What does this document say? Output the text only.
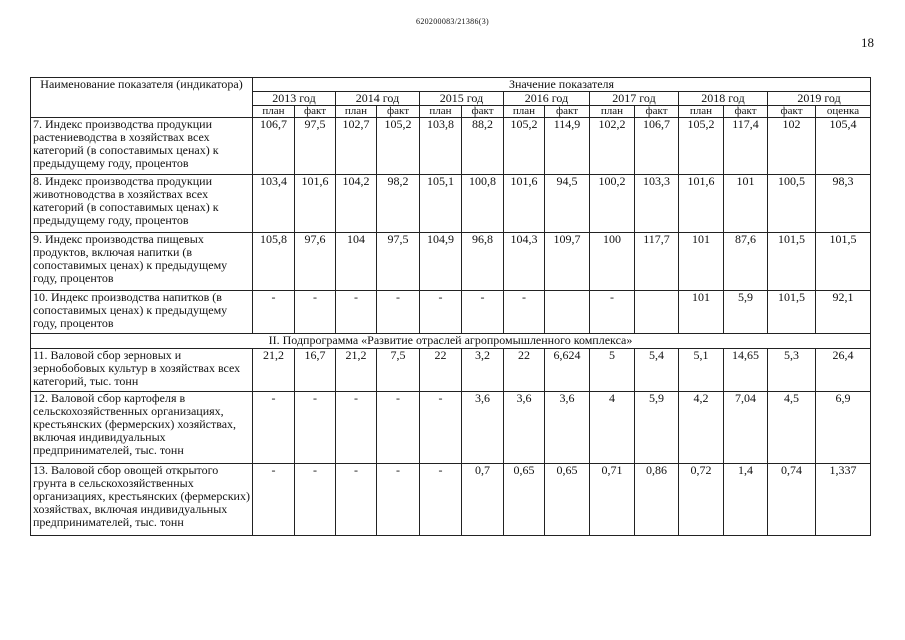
620200083/21386(3)
18
Наименование показателя (индикатора)	Значение показателя													
	2013 год		2014 год		2015 год		2016 год		2017 год		2018 год		2019 год	
	план	факт	план	факт	план	факт	план	факт	план	факт	план	факт	факт	оценка
7. Индекс производства продукции растениеводства в хозяйствах всех категорий (в сопоставимых ценах) к предыдущему году, процентов	106,7	97,5	102,7	105,2	103,8	88,2	105,2	114,9	102,2	106,7	105,2	117,4	102	105,4
8. Индекс производства продукции животноводства в хозяйствах всех категорий (в сопоставимых ценах) к предыдущему году, процентов	103,4	101,6	104,2	98,2	105,1	100,8	101,6	94,5	100,2	103,3	101,6	101	100,5	98,3
9. Индекс производства пищевых продуктов, включая напитки (в сопоставимых ценах) к предыдущему году, процентов	105,8	97,6	104	97,5	104,9	96,8	104,3	109,7	100	117,7	101	87,6	101,5	101,5
10. Индекс производства напитков (в сопоставимых ценах) к предыдущему году, процентов	-	-	-	-	-	-	-		-		101	5,9	101,5	92,1
II. Подпрограмма «Развитие отраслей агропромышленного комплекса»														
11. Валовой сбор зерновых и зернобобовых культур в хозяйствах всех категорий, тыс. тонн	21,2	16,7	21,2	7,5	22	3,2	22	6,624	5	5,4	5,1	14,65	5,3	26,4
12. Валовой сбор картофеля в сельскохозяйственных организациях, крестьянских (фермерских) хозяйствах, включая индивидуальных предпринимателей, тыс. тонн	-	-	-	-	-	3,6	3,6	3,6	4	5,9	4,2	7,04	4,5	6,9
13. Валовой сбор овощей открытого грунта в сельскохозяйственных организациях, крестьянских (фермерских) хозяйствах, включая индивидуальных предпринимателей, тыс. тонн	-	-	-	-	-	0,7	0,65	0,65	0,71	0,86	0,72	1,4	0,74	1,337
